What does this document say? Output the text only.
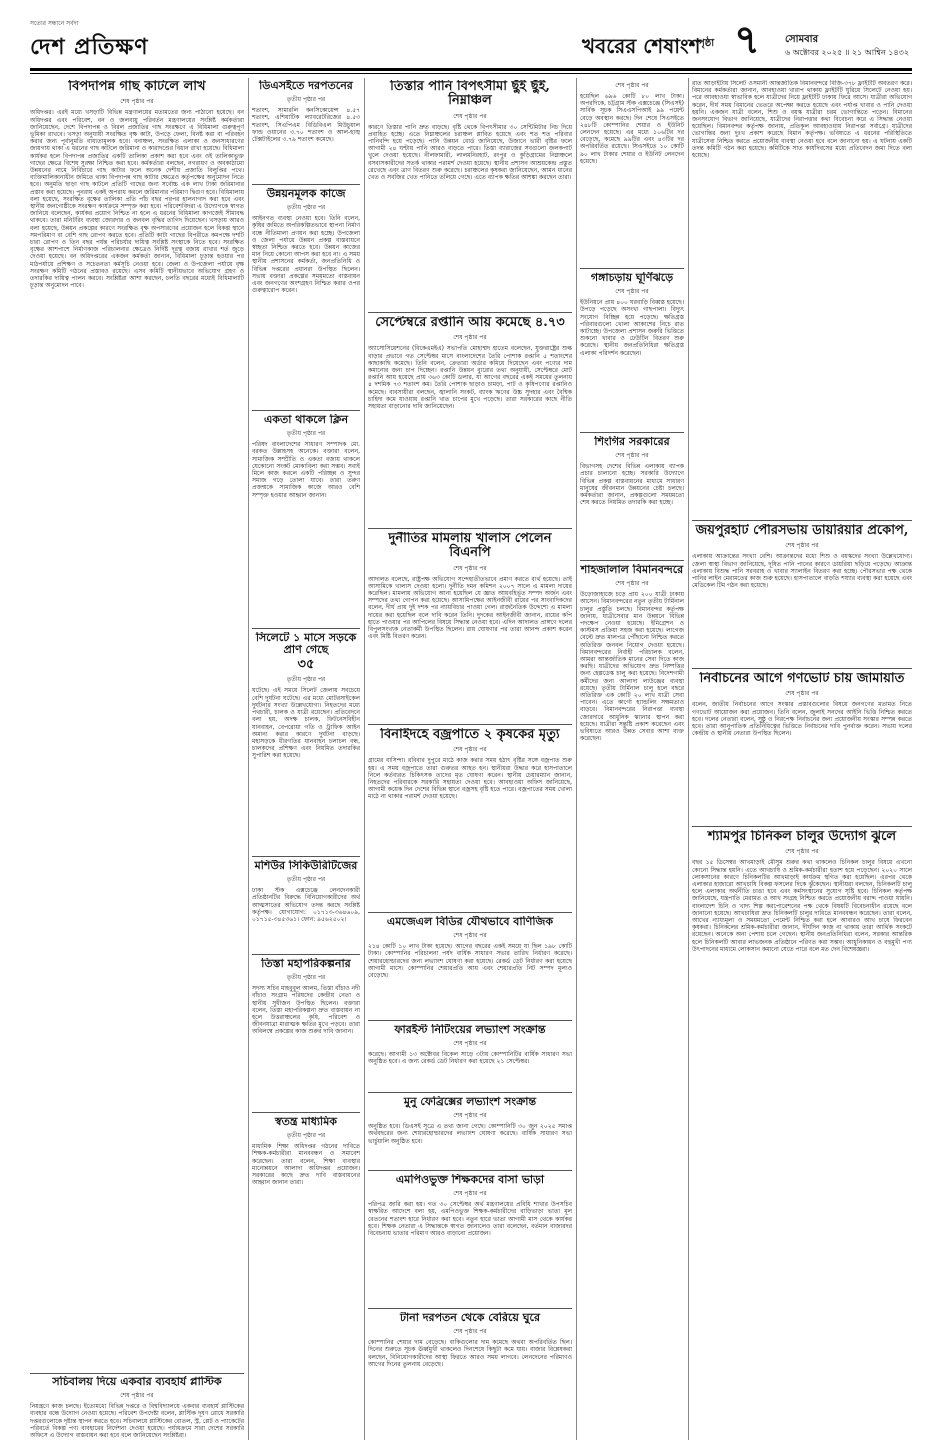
সত্যের সন্ধানে সর্বদা
দেশ প্রতিক্ষণ	খবরের শেষাংশ
পৃষ্ঠা ৭ সোমবার
৬ অক্টোবর ২০২৫ ॥ ২১ আশ্বিন ১৪৩২
বিপদাপন্ন গাছ কাটলে লাখ
শেষ পৃষ্ঠার পর

অধিদপ্তর। এরই মধ্যে খসড়াটি বিভিন্ন মন্ত্রণালয়ের মতামতের জন্য পাঠানো হয়েছে। বন অধিদপ্তর এবং পরিবেশ, বন ও জলবায়ু পরিবর্তন মন্ত্রণালয়ের সংশ্লিষ্ট কর্মকর্তারা জানিয়েছেন, দেশে বিপদাপন্ন ও বিরল প্রজাতির গাছ সংরক্ষণে এ বিধিমালা গুরুত্বপূর্ণ ভূমিকা রাখবে। খসড়া অনুযায়ী সংরক্ষিত বৃক্ষ কাটা, উপড়ে ফেলা, বিনষ্ট করা বা পরিবহন করার জন্য পূর্বানুমতি বাধ্যতামূলক হবে। বনাঞ্চল, সংরক্ষিত এলাকা ও জনসাধারণের জায়গায় থাকা এ ধরনের গাছ কাটলে জরিমানা ও কারাদণ্ডের বিধান রাখা হয়েছে। বিধিমালা কার্যকর হলে বিপদাপন্ন প্রজাতির একটি তালিকা প্রকাশ করা হবে এবং ওই তালিকাভুক্ত গাছের ক্ষেত্রে বিশেষ সুরক্ষা নিশ্চিত করা হবে। কর্মকর্তারা বলছেন, নগরায়ণ ও অবকাঠামো উন্নয়নের নামে নির্বিচারে গাছ কাটার ফলে অনেক দেশীয় প্রজাতি বিলুপ্তির পথে। ব্যক্তিমালিকানাধীন জমিতে থাকা বিপদাপন্ন গাছ কাটার ক্ষেত্রেও কর্তৃপক্ষের অনুমোদন নিতে হবে। অনুমতি ছাড়া গাছ কাটলে প্রতিটি গাছের জন্য সর্বোচ্চ এক লাখ টাকা জরিমানার প্রস্তাব করা হয়েছে। পুনরায় একই অপরাধ করলে জরিমানার পরিমাণ দ্বিগুণ হবে। বিধিমালায় বলা হয়েছে, সংরক্ষিত বৃক্ষের তালিকা প্রতি পাঁচ বছর পরপর হালনাগাদ করা হবে এবং স্থানীয় জনগোষ্ঠীকে সংরক্ষণ কার্যক্রমে সম্পৃক্ত করা হবে। পরিবেশবিদরা এ উদ্যোগকে স্বাগত জানিয়ে বলেছেন, কার্যকর প্রয়োগ নিশ্চিত না হলে এ ধরনের বিধিমালা কাগজেই সীমাবদ্ধ থাকবে। তারা মনিটরিং ব্যবস্থা জোরদার ও জনবল বৃদ্ধির তাগিদ দিয়েছেন। খসড়ায় আরও বলা হয়েছে, উন্নয়ন প্রকল্পের কারণে সংরক্ষিত বৃক্ষ অপসারণের প্রয়োজন হলে বিকল্প স্থানে সমপরিমাণ বা বেশি গাছ রোপণ করতে হবে। প্রতিটি কাটা গাছের বিপরীতে কমপক্ষে দশটি চারা রোপণ ও তিন বছর পর্যন্ত পরিচর্যার দায়িত্ব সংশ্লিষ্ট সংস্থাকে নিতে হবে। সংরক্ষিত বৃক্ষের আশপাশে নির্মাণকাজ পরিচালনার ক্ষেত্রেও নির্দিষ্ট দূরত্ব বজায় রাখার শর্ত জুড়ে দেওয়া হয়েছে। বন অধিদপ্তরের একজন কর্মকর্তা জানান, বিধিমালা চূড়ান্ত হওয়ার পর মাঠপর্যায়ে প্রশিক্ষণ ও সচেতনতা কর্মসূচি নেওয়া হবে। জেলা ও উপজেলা পর্যায়ে বৃক্ষ সংরক্ষণ কমিটি গঠনের প্রস্তাবও রয়েছে। এসব কমিটি স্থানীয়ভাবে অভিযোগ গ্রহণ ও তদারকির দায়িত্ব পালন করবে। সংশ্লিষ্টরা আশা করছেন, চলতি বছরের মধ্যেই বিধিমালাটি চূড়ান্ত অনুমোদন পাবে।

সচিবালয় দিয়ে একবার ব্যবহার্য প্লাস্টিক
শেষ পৃষ্ঠার পর

নিয়ন্ত্রণে কাজ চলছে। ইতোমধ্যে বিভিন্ন দপ্তরে ও বিশ্ববিদ্যালয়ে একবার ব্যবহার্য প্লাস্টিকের ব্যবহার বন্ধে উদ্যোগ নেওয়া হয়েছে। পরিবেশ উপদেষ্টা বলেন, প্লাস্টিক দূষণ রোধে সরকারি দপ্তরগুলোকে দৃষ্টান্ত স্থাপন করতে হবে। সচিবালয়ে প্লাস্টিকের বোতল, স্ট্র, প্লেট ও প্যাকেটের পরিবর্তে বিকল্প পণ্য ব্যবহারের নির্দেশনা দেওয়া হয়েছে। পর্যায়ক্রমে সারা দেশের সরকারি অফিসে এ উদ্যোগ বাস্তবায়ন করা হবে বলে জানিয়েছেন সংশ্লিষ্টরা।

ডিএসইতে দরপতনের
তৃতীয় পৃষ্ঠার পর

শতাংশ, সামারলি কনসিকোয়েন্স ৪.৫৭ শতাংশ, এশিয়াটিক ল্যাবরেটরিজের ৪.৫৩ শতাংশ, সিএপিএম বিডিবিএল মিউচুয়াল ফান্ড ওয়ানের ৩.৭০ শতাংশ ও আল-হাজ্ব টেক্সটাইলের ৩.৭৯ শতাংশ কমেছে।

উন্নয়নমূলক কাজে
তৃতীয় পৃষ্ঠার পর

আইনগত ব্যবস্থা নেওয়া হবে। তিনি বলেন, কৃষির জমিতে অপরিকল্পিতভাবে স্থাপনা নির্মাণ বন্ধে নীতিমালা প্রণয়ন করা হচ্ছে। উপজেলা ও জেলা পর্যায়ে উন্নয়ন প্রকল্প বাস্তবায়নে স্বচ্ছতা নিশ্চিত করতে হবে। উন্নয়ন কাজের মান নিয়ে কোনো আপস করা হবে না। এ সময় স্থানীয় প্রশাসনের কর্মকর্তা, জনপ্রতিনিধি ও বিভিন্ন দপ্তরের প্রধানরা উপস্থিত ছিলেন। সভায় বক্তারা প্রকল্পের সময়মতো বাস্তবায়ন এবং জনগণের অংশগ্রহণ নিশ্চিত করার ওপর গুরুত্বারোপ করেন।

একতা থাকলে ক্লিন
তৃতীয় পৃষ্ঠার পর

পরিষদ বাংলাদেশের সাধারণ সম্পাদক মো. বরকত উল্লাহসহ অনেকে। বক্তারা বলেন, সামাজিক সম্প্রীতি ও একতা বজায় থাকলে যেকোনো সংকট মোকাবিলা করা সম্ভব। সবাই মিলে কাজ করলে একটি পরিচ্ছন্ন ও সুন্দর সমাজ গড়ে তোলা যাবে। তারা তরুণ প্রজন্মকে সামাজিক কাজে আরও বেশি সম্পৃক্ত হওয়ার আহ্বান জানান।

সিলেটে ১ মাসে সড়কে প্রাণ গেছে
৩৫
তৃতীয় পৃষ্ঠার পর

ঘটেছে। এই সময়ে সিলেট জেলায় সবচেয়ে বেশি দুর্ঘটনা ঘটেছে। এর মধ্যে মোটরসাইকেল দুর্ঘটনার সংখ্যা উল্লেখযোগ্য। নিহতদের মধ্যে পথচারী, চালক ও যাত্রী রয়েছেন। প্রতিবেদনে বলা হয়, অদক্ষ চালক, ফিটনেসবিহীন যানবাহন, বেপরোয়া গতি ও ট্রাফিক আইন অমান্য করার কারণে দুর্ঘটনা বাড়ছে। মহাসড়কে ধীরগতির যানবাহন চলাচল বন্ধ, চালকদের প্রশিক্ষণ এবং নিয়মিত তদারকির সুপারিশ করা হয়েছে।

মশিউর সিকিউরিটিজের
তৃতীয় পৃষ্ঠার পর

ঢাকা স্টক এক্সচেঞ্জে লেনদেনকারী প্রতিষ্ঠানটির বিরুদ্ধে বিনিয়োগকারীদের অর্থ আত্মসাতের অভিযোগ তদন্ত করছে সংশ্লিষ্ট কর্তৃপক্ষ। যোগাযোগ: ০১৭১৩-৩৬৪৬০৯, ০১৭১৫-৩৪৫৩৬১। ফোন: ৯৫৬২৫০২।

তিস্তা মহাপরিকল্পনার
তৃতীয় পৃষ্ঠার পর

সদস্য সচিব মাহবুবুল আলম, তিস্তা বাঁচাও নদী বাঁচাও সংগ্রাম পরিষদের কেন্দ্রীয় নেতা ও স্থানীয় সুধীজন উপস্থিত ছিলেন। বক্তারা বলেন, তিস্তা মহাপরিকল্পনা দ্রুত বাস্তবায়ন না হলে উত্তরাঞ্চলের কৃষি, পরিবেশ ও জীবনযাত্রা মারাত্মক ক্ষতির মুখে পড়বে। তারা অবিলম্বে প্রকল্পের কাজ শুরুর দাবি জানান।

স্বতন্ত্র মাধ্যমিক
তৃতীয় পৃষ্ঠার পর

মাধ্যমিক শিক্ষা অধিদপ্তর গঠনের দাবিতে শিক্ষক-কর্মচারীরা মানববন্ধন ও সমাবেশ করেছেন। তারা বলেন, শিক্ষা ব্যবস্থার মানোন্নয়নে আলাদা অধিদপ্তর প্রয়োজন। সরকারের কাছে দ্রুত দাবি বাস্তবায়নের আহ্বান জানান তারা।

তিস্তার পানি বিপৎসীমা ছুঁই ছুঁই, নিম্নাঞ্চল
শেষ পৃষ্ঠার পর

কারণে তিস্তার পানি দ্রুত বাড়ছে। বৃষ্টি থেকে বিপৎসীমার ৩০ সেন্টিমিটার নিচ দিয়ে প্রবাহিত হচ্ছে। এতে নিম্নাঞ্চলের চরাঞ্চল প্লাবিত হয়েছে এবং শত শত পরিবার পানিবন্দি হয়ে পড়েছে। পানি উন্নয়ন বোর্ড জানিয়েছে, উজানে ভারী বৃষ্টির ফলে আগামী ২৪ ঘণ্টায় পানি আরও বাড়তে পারে। তিস্তা ব্যারাজের সবগুলো জলকপাট খুলে দেওয়া হয়েছে। নীলফামারী, লালমনিরহাট, রংপুর ও কুড়িগ্রামের নিম্নাঞ্চলে বসবাসকারীদের সতর্ক থাকার পরামর্শ দেওয়া হয়েছে। স্থানীয় প্রশাসন আশ্রয়কেন্দ্র প্রস্তুত রেখেছে এবং ত্রাণ বিতরণ শুরু করেছে। চরাঞ্চলের কৃষকরা জানিয়েছেন, আমন ধানের খেত ও সবজির খেত পানিতে তলিয়ে গেছে। এতে ব্যাপক ক্ষতির আশঙ্কা করছেন তারা।

সেপ্টেম্বরে রপ্তানি আয় কমেছে ৪.৭৩
শেষ পৃষ্ঠার পর

অ্যাসোসিয়েশনের (বিকেএমইএ) সভাপতি মোহাম্মদ হাতেম বলেছেন, যুক্তরাষ্ট্রের শুল্ক বাড়ার প্রভাবে গত সেপ্টেম্বর মাসে বাংলাদেশের তৈরি পোশাক রপ্তানি ৫ শতাংশের কাছাকাছি কমেছে। তিনি বলেন, ক্রেতারা অর্ডার কমিয়ে দিয়েছেন এবং পণ্যের দাম কমানোর জন্য চাপ দিচ্ছেন। রপ্তানি উন্নয়ন ব্যুরোর তথ্য অনুযায়ী, সেপ্টেম্বরে মোট রপ্তানি আয় হয়েছে প্রায় ৩৬৩ কোটি ডলার, যা আগের বছরের একই সময়ের তুলনায় ৪ দশমিক ৭৩ শতাংশ কম। তৈরি পোশাক ছাড়াও চামড়া, পাট ও কৃষিপণ্যের রপ্তানিও কমেছে। ব্যবসায়ীরা বলছেন, জ্বালানি সংকট, ব্যাংক ঋণের উচ্চ সুদহার এবং বৈশ্বিক চাহিদা কমে যাওয়ায় রপ্তানি খাত চাপের মুখে পড়েছে। তারা সরকারের কাছে নীতি সহায়তা বাড়ানোর দাবি জানিয়েছেন।

দুর্নীতির মামলায় খালাস পেলেন বিএনপি
শেষ পৃষ্ঠার পর

আদালত বলেছে, রাষ্ট্রপক্ষ অভিযোগ সন্দেহাতীতভাবে প্রমাণ করতে ব্যর্থ হয়েছে। তাই আসামিকে খালাস দেওয়া হলো। দুর্নীতি দমন কমিশন ২০০৭ সালে এ মামলা দায়ের করেছিল। মামলায় অভিযোগ আনা হয়েছিল যে জ্ঞাত আয়বহির্ভূত সম্পদ অর্জন এবং সম্পদের তথ্য গোপন করা হয়েছে। আসামিপক্ষের আইনজীবী রায়ের পর সাংবাদিকদের বলেন, দীর্ঘ প্রায় দুই দশক পর ন্যায়বিচার পাওয়া গেল। রাজনৈতিক উদ্দেশ্যে এ মামলা দায়ের করা হয়েছিল বলে দাবি করেন তিনি। দুদকের আইনজীবী জানান, রায়ের কপি হাতে পাওয়ার পর আপিলের বিষয়ে সিদ্ধান্ত নেওয়া হবে। এদিন আদালত প্রাঙ্গণে দলের বিপুলসংখ্যক নেতাকর্মী উপস্থিত ছিলেন। রায় ঘোষণার পর তারা আনন্দ প্রকাশ করেন এবং মিষ্টি বিতরণ করেন।

বিনাইদহে বজ্রপাতে ২ কৃষকের মৃত্যু
শেষ পৃষ্ঠার পর

গ্রামের বাসিন্দা। রবিবার দুপুরে মাঠে কাজ করার সময় হঠাৎ বৃষ্টির সঙ্গে বজ্রপাত শুরু হয়। এ সময় বজ্রপাতে তারা গুরুতর আহত হন। স্থানীয়রা উদ্ধার করে হাসপাতালে নিলে কর্তব্যরত চিকিৎসক তাদের মৃত ঘোষণা করেন। স্থানীয় চেয়ারম্যান জানান, নিহতদের পরিবারকে সরকারি সহায়তা দেওয়া হবে। আবহাওয়া অফিস জানিয়েছে, আগামী কয়েক দিন দেশের বিভিন্ন স্থানে বজ্রসহ বৃষ্টি হতে পারে। বজ্রপাতের সময় খোলা মাঠে না থাকার পরামর্শ দেওয়া হয়েছে।

এমজেএল বিডির যৌথভাবে বাণিজিক
শেষ পৃষ্ঠার পর

২১৪ কোটি ১০ লাখ টাকা হয়েছে। আগের বছরের একই সময়ে যা ছিল ১৯৮ কোটি টাকা। কোম্পানির পরিচালনা পর্ষদ বার্ষিক সাধারণ সভার তারিখ নির্ধারণ করেছে। শেয়ারহোল্ডারদের জন্য লভ্যাংশ ঘোষণা করা হয়েছে। রেকর্ড ডেট নির্ধারণ করা হয়েছে আগামী মাসে। কোম্পানির শেয়ারপ্রতি আয় এবং শেয়ারপ্রতি নিট সম্পদ মূল্যও বেড়েছে।

ফারইস্ট নিটিংয়ের লভ্যাংশ সংক্রান্ত
শেষ পৃষ্ঠার পর

করেছে। আগামী ১৩ অক্টোবর বিকেল সাড়ে ৩টায় কোম্পানিটির বার্ষিক সাধারণ সভা অনুষ্ঠিত হবে। এ জন্য রেকর্ড ডেট নির্ধারণ করা হয়েছে ২১ সেপ্টেম্বর।

মুনু ফেব্রিক্সের লভ্যাংশ সংক্রান্ত
শেষ পৃষ্ঠার পর

অনুষ্ঠিত হবে। ডিএসই সূত্রে এ তথ্য জানা গেছে। কোম্পানিটি ৩০ জুন ২০২৫ সমাপ্ত অর্থবছরের জন্য শেয়ারহোল্ডারদের লভ্যাংশ ঘোষণা করেছে। বার্ষিক সাধারণ সভা ভার্চুয়ালি অনুষ্ঠিত হবে।

এমপিওভুক্ত শিক্ষকদের বাসা ভাড়া
শেষ পৃষ্ঠার পর

পরিপত্র জারি করা হয়। গত ৩০ সেপ্টেম্বর অর্থ মন্ত্রণালয়ের প্রবিধি শাখার উপসচিব স্বাক্ষরিত আদেশে বলা হয়, এমপিওভুক্ত শিক্ষক-কর্মচারীদের বাড়িভাড়া ভাতা মূল বেতনের শতাংশ হারে নির্ধারণ করা হবে। নতুন হারে ভাতা আগামী মাস থেকে কার্যকর হবে। শিক্ষক নেতারা এ সিদ্ধান্তকে স্বাগত জানালেও তারা বলেছেন, বর্তমান বাজারদর বিবেচনায় ভাতার পরিমাণ আরও বাড়ানো প্রয়োজন।

টানা দরপতন থেকে বেরিয়ে ঘুরে
শেষ পৃষ্ঠার পর

কোম্পানির শেয়ার দাম বেড়েছে। বাকিগুলোর দাম কমেছে অথবা অপরিবর্তিত ছিল। দিনের শুরুতে সূচক ঊর্ধ্বমুখী থাকলেও দিনশেষে কিছুটা কমে যায়। বাজার বিশ্লেষকরা বলছেন, বিনিয়োগকারীদের আস্থা ফিরতে আরও সময় লাগবে। লেনদেনের পরিমাণও আগের দিনের তুলনায় বেড়েছে।

শেষ পৃষ্ঠার পর

হয়েছিল ৬৯৬ কোটি ৮০ লাখ টাকা। অপরদিকে, চট্টগ্রাম স্টক এক্সচেঞ্জে (সিএসই) সার্বিক সূচক সিএএসপিআই ৯৯ পয়েন্ট বেড়ে অবস্থান করছে। দিন শেষে সিএসইতে ২৪৮টি কোম্পানির শেয়ার ও ইউনিট লেনদেন হয়েছে। এর মধ্যে ১০৬টির দর বেড়েছে, কমেছে ৯৯টির এবং ৪৩টির দর অপরিবর্তিত রয়েছে। সিএসইতে ১০ কোটি ৯০ লাখ টাকার শেয়ার ও ইউনিট লেনদেন হয়েছে।

গঙ্গাচড়ায় ঘূর্ণিঝড়ে
শেষ পৃষ্ঠার পর

ইউনিয়নে প্রায় ৪০০ ঘরবাড়ি বিধ্বস্ত হয়েছে। উপড়ে পড়েছে অসংখ্য গাছপালা। বিদ্যুৎ সংযোগ বিচ্ছিন্ন হয়ে পড়েছে। ক্ষতিগ্রস্ত পরিবারগুলো খোলা আকাশের নিচে রাত কাটাচ্ছে। উপজেলা প্রশাসন জরুরি ভিত্তিতে শুকনো খাবার ও ঢেউটিন বিতরণ শুরু করেছে। স্থানীয় জনপ্রতিনিধিরা ক্ষতিগ্রস্ত এলাকা পরিদর্শন করেছেন।

শিংগির সরকারের
শেষ পৃষ্ঠার পর

বিভাগসহ দেশের বিভিন্ন এলাকায় ব্যাপক প্রচার চালানো হচ্ছে। সরকারি উদ্যোগে বিভিন্ন প্রকল্প বাস্তবায়নের মাধ্যমে সাধারণ মানুষের জীবনমান উন্নয়নের চেষ্টা চলছে। কর্মকর্তারা জানান, প্রকল্পগুলো সময়মতো শেষ করতে নিয়মিত তদারকি করা হচ্ছে।

শাহজালাল বিমানবন্দরে
শেষ পৃষ্ঠার পর

উড়োজাহাজে চড়ে প্রায় ২০০ যাত্রী ঢাকায় আসেন। বিমানবন্দরের নতুন তৃতীয় টার্মিনাল চালুর প্রস্তুতি চলছে। বিমানবন্দর কর্তৃপক্ষ জানায়, যাত্রীসেবার মান উন্নয়নে বিভিন্ন পদক্ষেপ নেওয়া হয়েছে। ইমিগ্রেশন ও কাস্টমস প্রক্রিয়া সহজ করা হয়েছে। লাগেজ বেল্টে দ্রুত মালপত্র পৌঁছানো নিশ্চিত করতে অতিরিক্ত জনবল নিয়োগ দেওয়া হয়েছে। বিমানবন্দরের নির্বাহী পরিচালক বলেন, আমরা আন্তর্জাতিক মানের সেবা দিতে কাজ করছি। যাত্রীদের অভিযোগ দ্রুত নিষ্পত্তির জন্য হেল্পডেস্ক চালু করা হয়েছে। বিদেশগামী কর্মীদের জন্য আলাদা লাউঞ্জের ব্যবস্থা রয়েছে। তৃতীয় টার্মিনাল চালু হলে বছরে অতিরিক্ত এক কোটি ২০ লাখ যাত্রী সেবা পাবেন। এতে কার্গো হ্যান্ডলিং সক্ষমতাও বাড়বে। বিমানবন্দরের নিরাপত্তা ব্যবস্থা জোরদারে আধুনিক স্ক্যানার স্থাপন করা হয়েছে। যাত্রীরা সন্তুষ্টি প্রকাশ করেছেন এবং ভবিষ্যতে আরও উন্নত সেবার আশা ব্যক্ত করেছেন।

রাত আড়াইটায় সিলেট ওসমানী আন্তর্জাতিক বিমানবন্দরে বিজি-৩৭৮ ফ্লাইটটি অবতরণ করে। বিমানের কর্মকর্তারা জানান, আবহাওয়া খারাপ থাকায় ফ্লাইটটি ঘুরিয়ে সিলেটে নেওয়া হয়। পরে আবহাওয়া স্বাভাবিক হলে যাত্রীদের নিয়ে ফ্লাইটটি ঢাকায় ফিরে আসে। যাত্রীরা অভিযোগ করেন, দীর্ঘ সময় বিমানের ভেতরে অপেক্ষা করতে হয়েছে এবং পর্যাপ্ত খাবার ও পানি দেওয়া হয়নি। একজন যাত্রী বলেন, শিশু ও বয়স্ক যাত্রীরা চরম ভোগান্তিতে পড়েন। বিমানের জনসংযোগ বিভাগ জানিয়েছে, যাত্রীদের নিরাপত্তার কথা বিবেচনা করে এ সিদ্ধান্ত নেওয়া হয়েছিল। বিমানবন্দর কর্তৃপক্ষ জানায়, প্রতিকূল আবহাওয়ায় নিরাপত্তা সর্বাগ্রে। যাত্রীদের ভোগান্তির জন্য দুঃখ প্রকাশ করেছে বিমান কর্তৃপক্ষ। ভবিষ্যতে এ ধরনের পরিস্থিতিতে যাত্রীসেবা নিশ্চিত করতে প্রয়োজনীয় ব্যবস্থা নেওয়া হবে বলে জানানো হয়। এ ঘটনায় একটি তদন্ত কমিটি গঠন করা হয়েছে। কমিটিকে সাত কার্যদিবসের মধ্যে প্রতিবেদন জমা দিতে বলা হয়েছে।

জয়পুরহাট পৌরসভায় ডায়রিয়ার প্রকোপ,
শেষ পৃষ্ঠার পর

এলাকায় আক্রান্তের সংখ্যা বেশি। আক্রান্তদের মধ্যে শিশু ও বয়স্কদের সংখ্যা উল্লেখযোগ্য। জেলা স্বাস্থ্য বিভাগ জানিয়েছে, দূষিত পানি পানের কারণে ডায়রিয়া ছড়িয়ে পড়েছে। আক্রান্ত এলাকায় বিশুদ্ধ পানি সরবরাহ ও খাবার স্যালাইন বিতরণ করা হচ্ছে। পৌরসভার পক্ষ থেকে পানির লাইন মেরামতের কাজ শুরু হয়েছে। হাসপাতালে বাড়তি শয্যার ব্যবস্থা করা হয়েছে এবং মেডিকেল টিম গঠন করা হয়েছে।

নির্বাচনের আগে গণভোট চায় জামায়াত
শেষ পৃষ্ঠার পর

বলেন, জাতীয় নির্বাচনের আগে সংস্কার প্রস্তাবগুলোর বিষয়ে জনগণের মতামত নিতে গণভোট আয়োজন করা প্রয়োজন। তিনি বলেন, জুলাই সনদের আইনি ভিত্তি নিশ্চিত করতে হবে। দলের নেতারা বলেন, সুষ্ঠু ও নিরপেক্ষ নির্বাচনের জন্য প্রয়োজনীয় সংস্কার সম্পন্ন করতে হবে। তারা আনুপাতিক প্রতিনিধিত্বের ভিত্তিতে নির্বাচনের দাবি পুনর্ব্যক্ত করেন। সভায় দলের কেন্দ্রীয় ও স্থানীয় নেতারা উপস্থিত ছিলেন।

শ্যামপুর চিনিকল চালুর উদ্যোগ ঝুলে
শেষ পৃষ্ঠার পর

বছর ১৫ ডিসেম্বর আখমাড়াই মৌসুম শুরুর কথা থাকলেও চিনিকল চালুর বিষয়ে এখনো কোনো সিদ্ধান্ত হয়নি। এতে আখচাষি ও শ্রমিক-কর্মচারীরা হতাশ হয়ে পড়েছেন। ২০২০ সালে লোকসানের কারণে চিনিকলটির আখমাড়াই কার্যক্রম স্থগিত করা হয়েছিল। এরপর থেকে এলাকার হাজারো আখচাষি বিকল্প ফসলের দিকে ঝুঁকেছেন। স্থানীয়রা বলছেন, চিনিকলটি চালু হলে এলাকার অর্থনীতি চাঙা হবে এবং কর্মসংস্থানের সুযোগ সৃষ্টি হবে। চিনিকল কর্তৃপক্ষ জানিয়েছে, যন্ত্রপাতি মেরামত ও আখ সংগ্রহ নিশ্চিত করতে প্রয়োজনীয় বরাদ্দ পাওয়া যায়নি। বাংলাদেশ চিনি ও খাদ্য শিল্প করপোরেশনের পক্ষ থেকে বিষয়টি বিবেচনাধীন রয়েছে বলে জানানো হয়েছে। আখচাষিরা দ্রুত চিনিকলটি চালুর দাবিতে মানববন্ধন করেছেন। তারা বলেন, আখের ন্যায্যমূল্য ও সময়মতো পেমেন্ট নিশ্চিত করা হলে আবারও আখ চাষে ফিরবেন কৃষকরা। চিনিকলের শ্রমিক-কর্মচারীরা জানান, দীর্ঘদিন কাজ না থাকায় তারা আর্থিক সংকটে রয়েছেন। অনেকে অন্য পেশায় চলে গেছেন। স্থানীয় জনপ্রতিনিধিরা বলেন, সরকার আন্তরিক হলে চিনিকলটি আবার লাভজনক প্রতিষ্ঠানে পরিণত করা সম্ভব। আধুনিকায়ন ও বহুমুখী পণ্য উৎপাদনের মাধ্যমে লোকসান কমানো যেতে পারে বলে মত দেন বিশেষজ্ঞরা।
